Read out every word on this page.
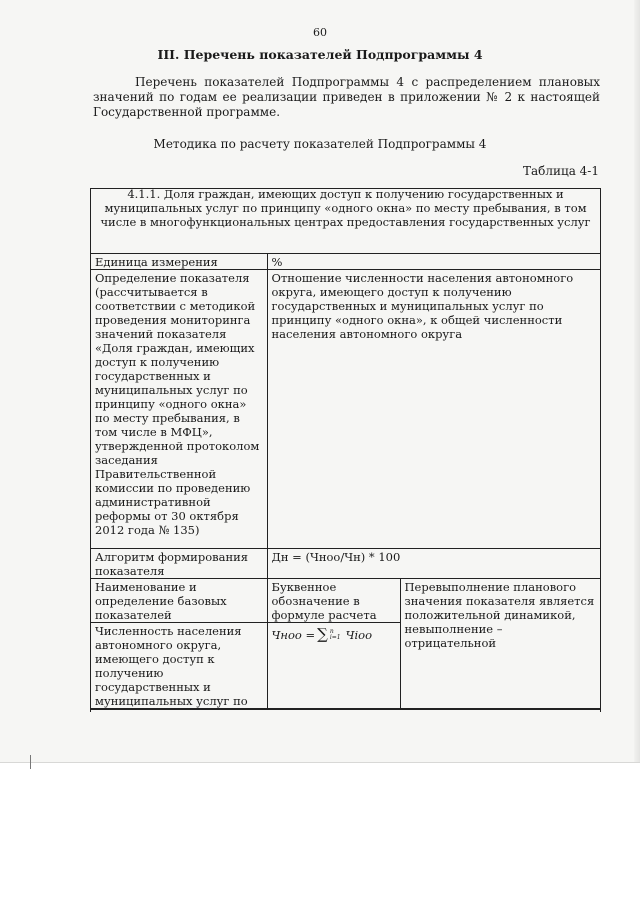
60
III. Перечень показателей Подпрограммы 4
Перечень показателей Подпрограммы 4 с распределением плановых значений по годам ее реализации приведен в приложении № 2 к настоящей Государственной программе.
Методика по расчету показателей Подпрограммы 4
Таблица 4-1
4.1.1. Доля граждан, имеющих доступ к получению государственных и муниципальных услуг по принципу «одного окна» по месту пребывания, в том числе в многофункциональных центрах предоставления государственных услуг		

Единица измерения	%	
Определение показателя (рассчитывается в соответствии с методикой проведения мониторинга значений показателя «Доля граждан, имеющих доступ к получению государственных и муниципальных услуг по принципу «одного окна» по месту пребывания, в том числе в МФЦ», утвержденной протоколом заседания Правительственной комиссии по проведению административной реформы от 30 октября 2012 года № 135)	Отношение численности населения автономного округа, имеющего доступ к получению государственных и муниципальных услуг по принципу «одного окна», к общей численности населения автономного округа	
Алгоритм формирования показателя	Дн = (Чноо/Чн) * 100	
Наименование и определение базовых показателей	Буквенное обозначение в формуле расчета	Перевыполнение планового значения показателя является положительной динамикой, невыполнение – отрицательной
Численность населения автономного округа, имеющего доступ к получению государственных и муниципальных услуг по	Чноо = ∑ n
i=1 Чioo	
